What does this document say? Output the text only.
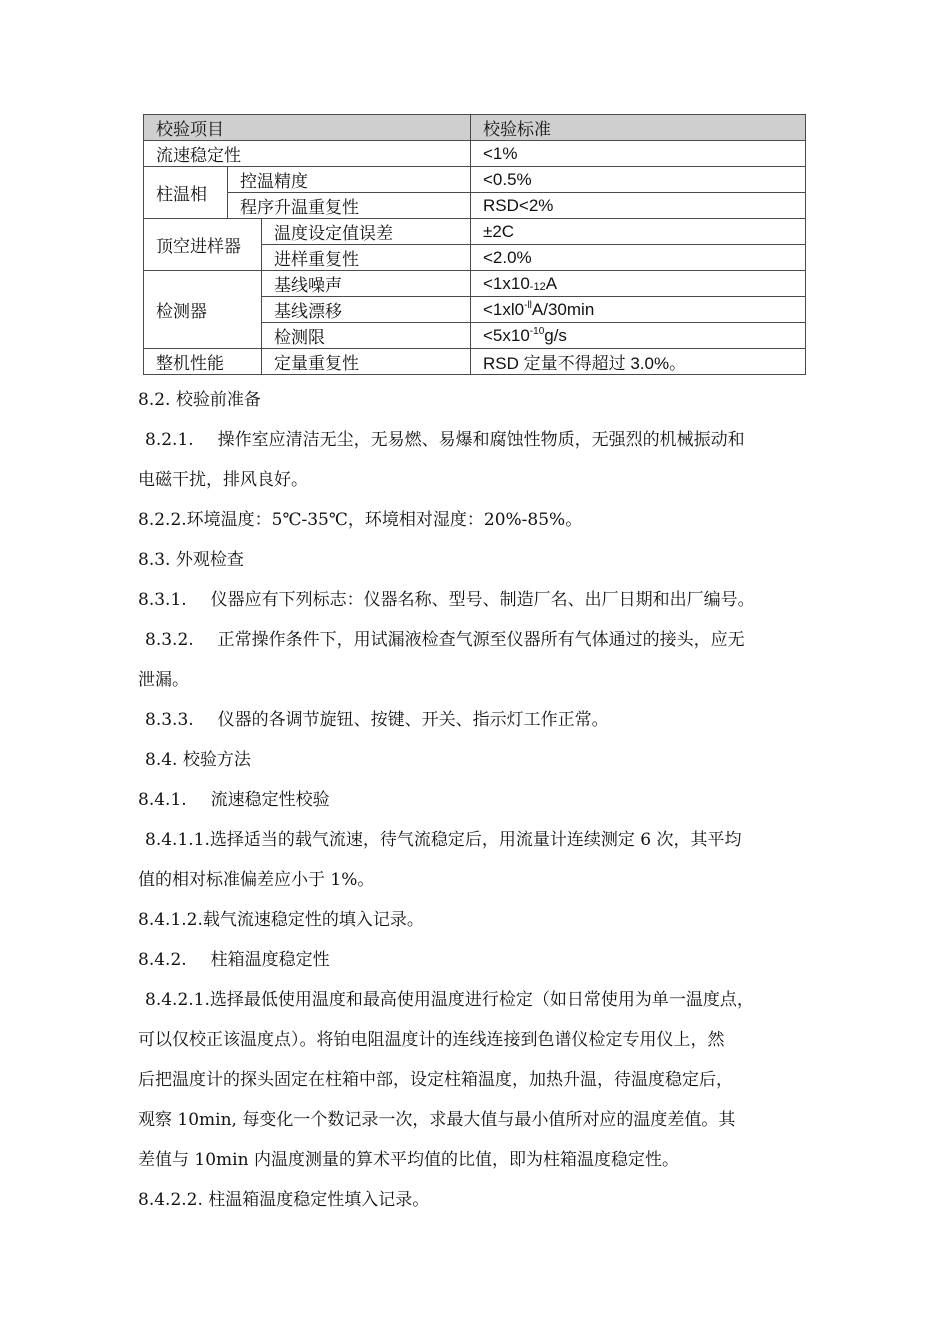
校验项目			校验标准
流速稳定性			<1%
柱温相	控温精度		<0.5%
	程序升温重复性		RSD<2%
顶空进样器		温度设定值误差	±2C
		进样重复性	<2.0%
检测器		基线噪声	$<1x10_{-12}A$
		基线漂移	$<1xl0^{-ll}A/30\min$
		检测限	$<5x10^{-10}g/s$
整机性能		定量重复性	RSD 定量不得超过 3.0%。

8.2. 校验前准备

8.2.1. 操作室应清洁无尘，无易燃、易爆和腐蚀性物质，无强烈的机械振动和

电磁干扰，排风良好。

8.2.2.环境温度：5℃-35℃，环境相对湿度：20%-85%。

8.3. 外观检查

8.3.1. 仪器应有下列标志：仪器名称、型号、制造厂名、出厂日期和出厂编号。

8.3.2. 正常操作条件下，用试漏液检查气源至仪器所有气体通过的接头，应无

泄漏。

8.3.3. 仪器的各调节旋钮、按键、开关、指示灯工作正常。

8.4. 校验方法

8.4.1. 流速稳定性校验

8.4.1.1.选择适当的载气流速，待气流稳定后，用流量计连续测定 6 次，其平均

值的相对标准偏差应小于 1%。

8.4.1.2.载气流速稳定性的填入记录。

8.4.2. 柱箱温度稳定性

8.4.2.1.选择最低使用温度和最高使用温度进行检定（如日常使用为单一温度点，

可以仅校正该温度点）。将铂电阻温度计的连线连接到色谱仪检定专用仪上，然

后把温度计的探头固定在柱箱中部，设定柱箱温度，加热升温，待温度稳定后，

观察 10min, 每变化一个数记录一次，求最大值与最小值所对应的温度差值。其

差值与 10min 内温度测量的算术平均值的比值，即为柱箱温度稳定性。

8.4.2.2. 柱温箱温度稳定性填入记录。
